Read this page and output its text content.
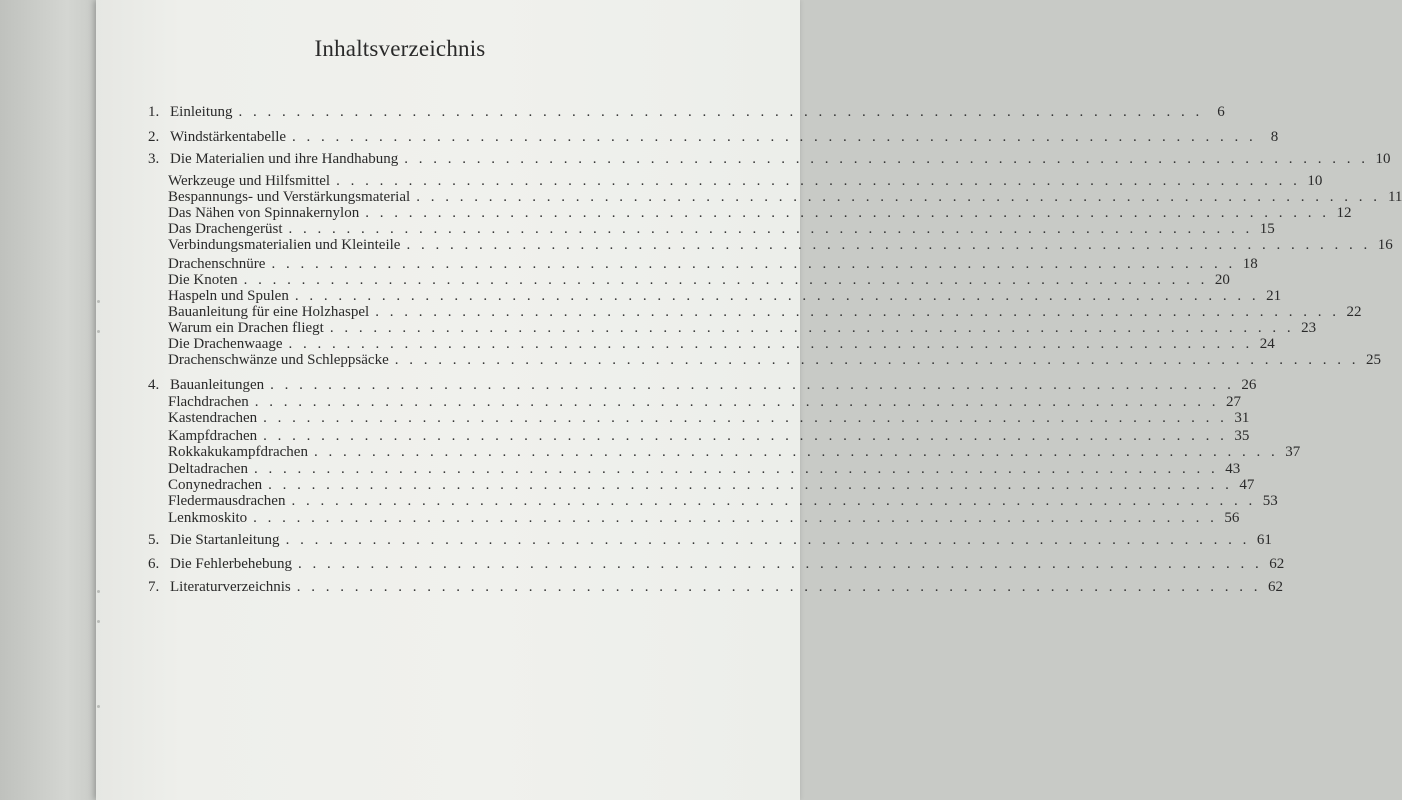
Inhaltsverzeichnis
1. Einleitung . . . . . . . . . . . . . . . . . . . . . . . . . . . . . . . . . . . . . . . . . . . . . . . . . . . . . . . . . . . . . . . . . . . 6
2. Windstärkentabelle . . . . . . . . . . . . . . . . . . . . . . . . . . . . . . . . . . . . . . . . . . . . . . . . . . . . . . . . . . . . . . . . . . . 8
3. Die Materialien und ihre Handhabung . . . . . . . . . . . . . . . . . . . . . . . . . . . . . . . . . . . . . . . . . . . . . . . . . . . . . . . . . . . . . . . . . . . 10
Werkzeuge und Hilfsmittel . . . . . . . . . . . . . . . . . . . . . . . . . . . . . . . . . . . . . . . . . . . . . . . . . . . . . . . . . . . . . . . . . . . 10
Bespannungs- und Verstärkungsmaterial . . . . . . . . . . . . . . . . . . . . . . . . . . . . . . . . . . . . . . . . . . . . . . . . . . . . . . . . . . . . . . . . . . . 11
Das Nähen von Spinnakernylon . . . . . . . . . . . . . . . . . . . . . . . . . . . . . . . . . . . . . . . . . . . . . . . . . . . . . . . . . . . . . . . . . . . 12
Das Drachengerüst . . . . . . . . . . . . . . . . . . . . . . . . . . . . . . . . . . . . . . . . . . . . . . . . . . . . . . . . . . . . . . . . . . . 15
Verbindungsmaterialien und Kleinteile . . . . . . . . . . . . . . . . . . . . . . . . . . . . . . . . . . . . . . . . . . . . . . . . . . . . . . . . . . . . . . . . . . . 16
Drachenschnüre . . . . . . . . . . . . . . . . . . . . . . . . . . . . . . . . . . . . . . . . . . . . . . . . . . . . . . . . . . . . . . . . . . . 18
Die Knoten . . . . . . . . . . . . . . . . . . . . . . . . . . . . . . . . . . . . . . . . . . . . . . . . . . . . . . . . . . . . . . . . . . . 20
Haspeln und Spulen . . . . . . . . . . . . . . . . . . . . . . . . . . . . . . . . . . . . . . . . . . . . . . . . . . . . . . . . . . . . . . . . . . . 21
Bauanleitung für eine Holzhaspel . . . . . . . . . . . . . . . . . . . . . . . . . . . . . . . . . . . . . . . . . . . . . . . . . . . . . . . . . . . . . . . . . . . 22
Warum ein Drachen fliegt . . . . . . . . . . . . . . . . . . . . . . . . . . . . . . . . . . . . . . . . . . . . . . . . . . . . . . . . . . . . . . . . . . . 23
Die Drachenwaage . . . . . . . . . . . . . . . . . . . . . . . . . . . . . . . . . . . . . . . . . . . . . . . . . . . . . . . . . . . . . . . . . . . 24
Drachenschwänze und Schleppsäcke . . . . . . . . . . . . . . . . . . . . . . . . . . . . . . . . . . . . . . . . . . . . . . . . . . . . . . . . . . . . . . . . . . . 25
4. Bauanleitungen . . . . . . . . . . . . . . . . . . . . . . . . . . . . . . . . . . . . . . . . . . . . . . . . . . . . . . . . . . . . . . . . . . . 26
Flachdrachen . . . . . . . . . . . . . . . . . . . . . . . . . . . . . . . . . . . . . . . . . . . . . . . . . . . . . . . . . . . . . . . . . . . 27
Kastendrachen . . . . . . . . . . . . . . . . . . . . . . . . . . . . . . . . . . . . . . . . . . . . . . . . . . . . . . . . . . . . . . . . . . . 31
Kampfdrachen . . . . . . . . . . . . . . . . . . . . . . . . . . . . . . . . . . . . . . . . . . . . . . . . . . . . . . . . . . . . . . . . . . . 35
Rokkakukampfdrachen . . . . . . . . . . . . . . . . . . . . . . . . . . . . . . . . . . . . . . . . . . . . . . . . . . . . . . . . . . . . . . . . . . . 37
Deltadrachen . . . . . . . . . . . . . . . . . . . . . . . . . . . . . . . . . . . . . . . . . . . . . . . . . . . . . . . . . . . . . . . . . . . 43
Conynedrachen . . . . . . . . . . . . . . . . . . . . . . . . . . . . . . . . . . . . . . . . . . . . . . . . . . . . . . . . . . . . . . . . . . . 47
Fledermausdrachen . . . . . . . . . . . . . . . . . . . . . . . . . . . . . . . . . . . . . . . . . . . . . . . . . . . . . . . . . . . . . . . . . . . 53
Lenkmoskito . . . . . . . . . . . . . . . . . . . . . . . . . . . . . . . . . . . . . . . . . . . . . . . . . . . . . . . . . . . . . . . . . . . 56
5. Die Startanleitung . . . . . . . . . . . . . . . . . . . . . . . . . . . . . . . . . . . . . . . . . . . . . . . . . . . . . . . . . . . . . . . . . . . 61
6. Die Fehlerbehebung . . . . . . . . . . . . . . . . . . . . . . . . . . . . . . . . . . . . . . . . . . . . . . . . . . . . . . . . . . . . . . . . . . . 62
7. Literaturverzeichnis . . . . . . . . . . . . . . . . . . . . . . . . . . . . . . . . . . . . . . . . . . . . . . . . . . . . . . . . . . . . . . . . . . . 62
